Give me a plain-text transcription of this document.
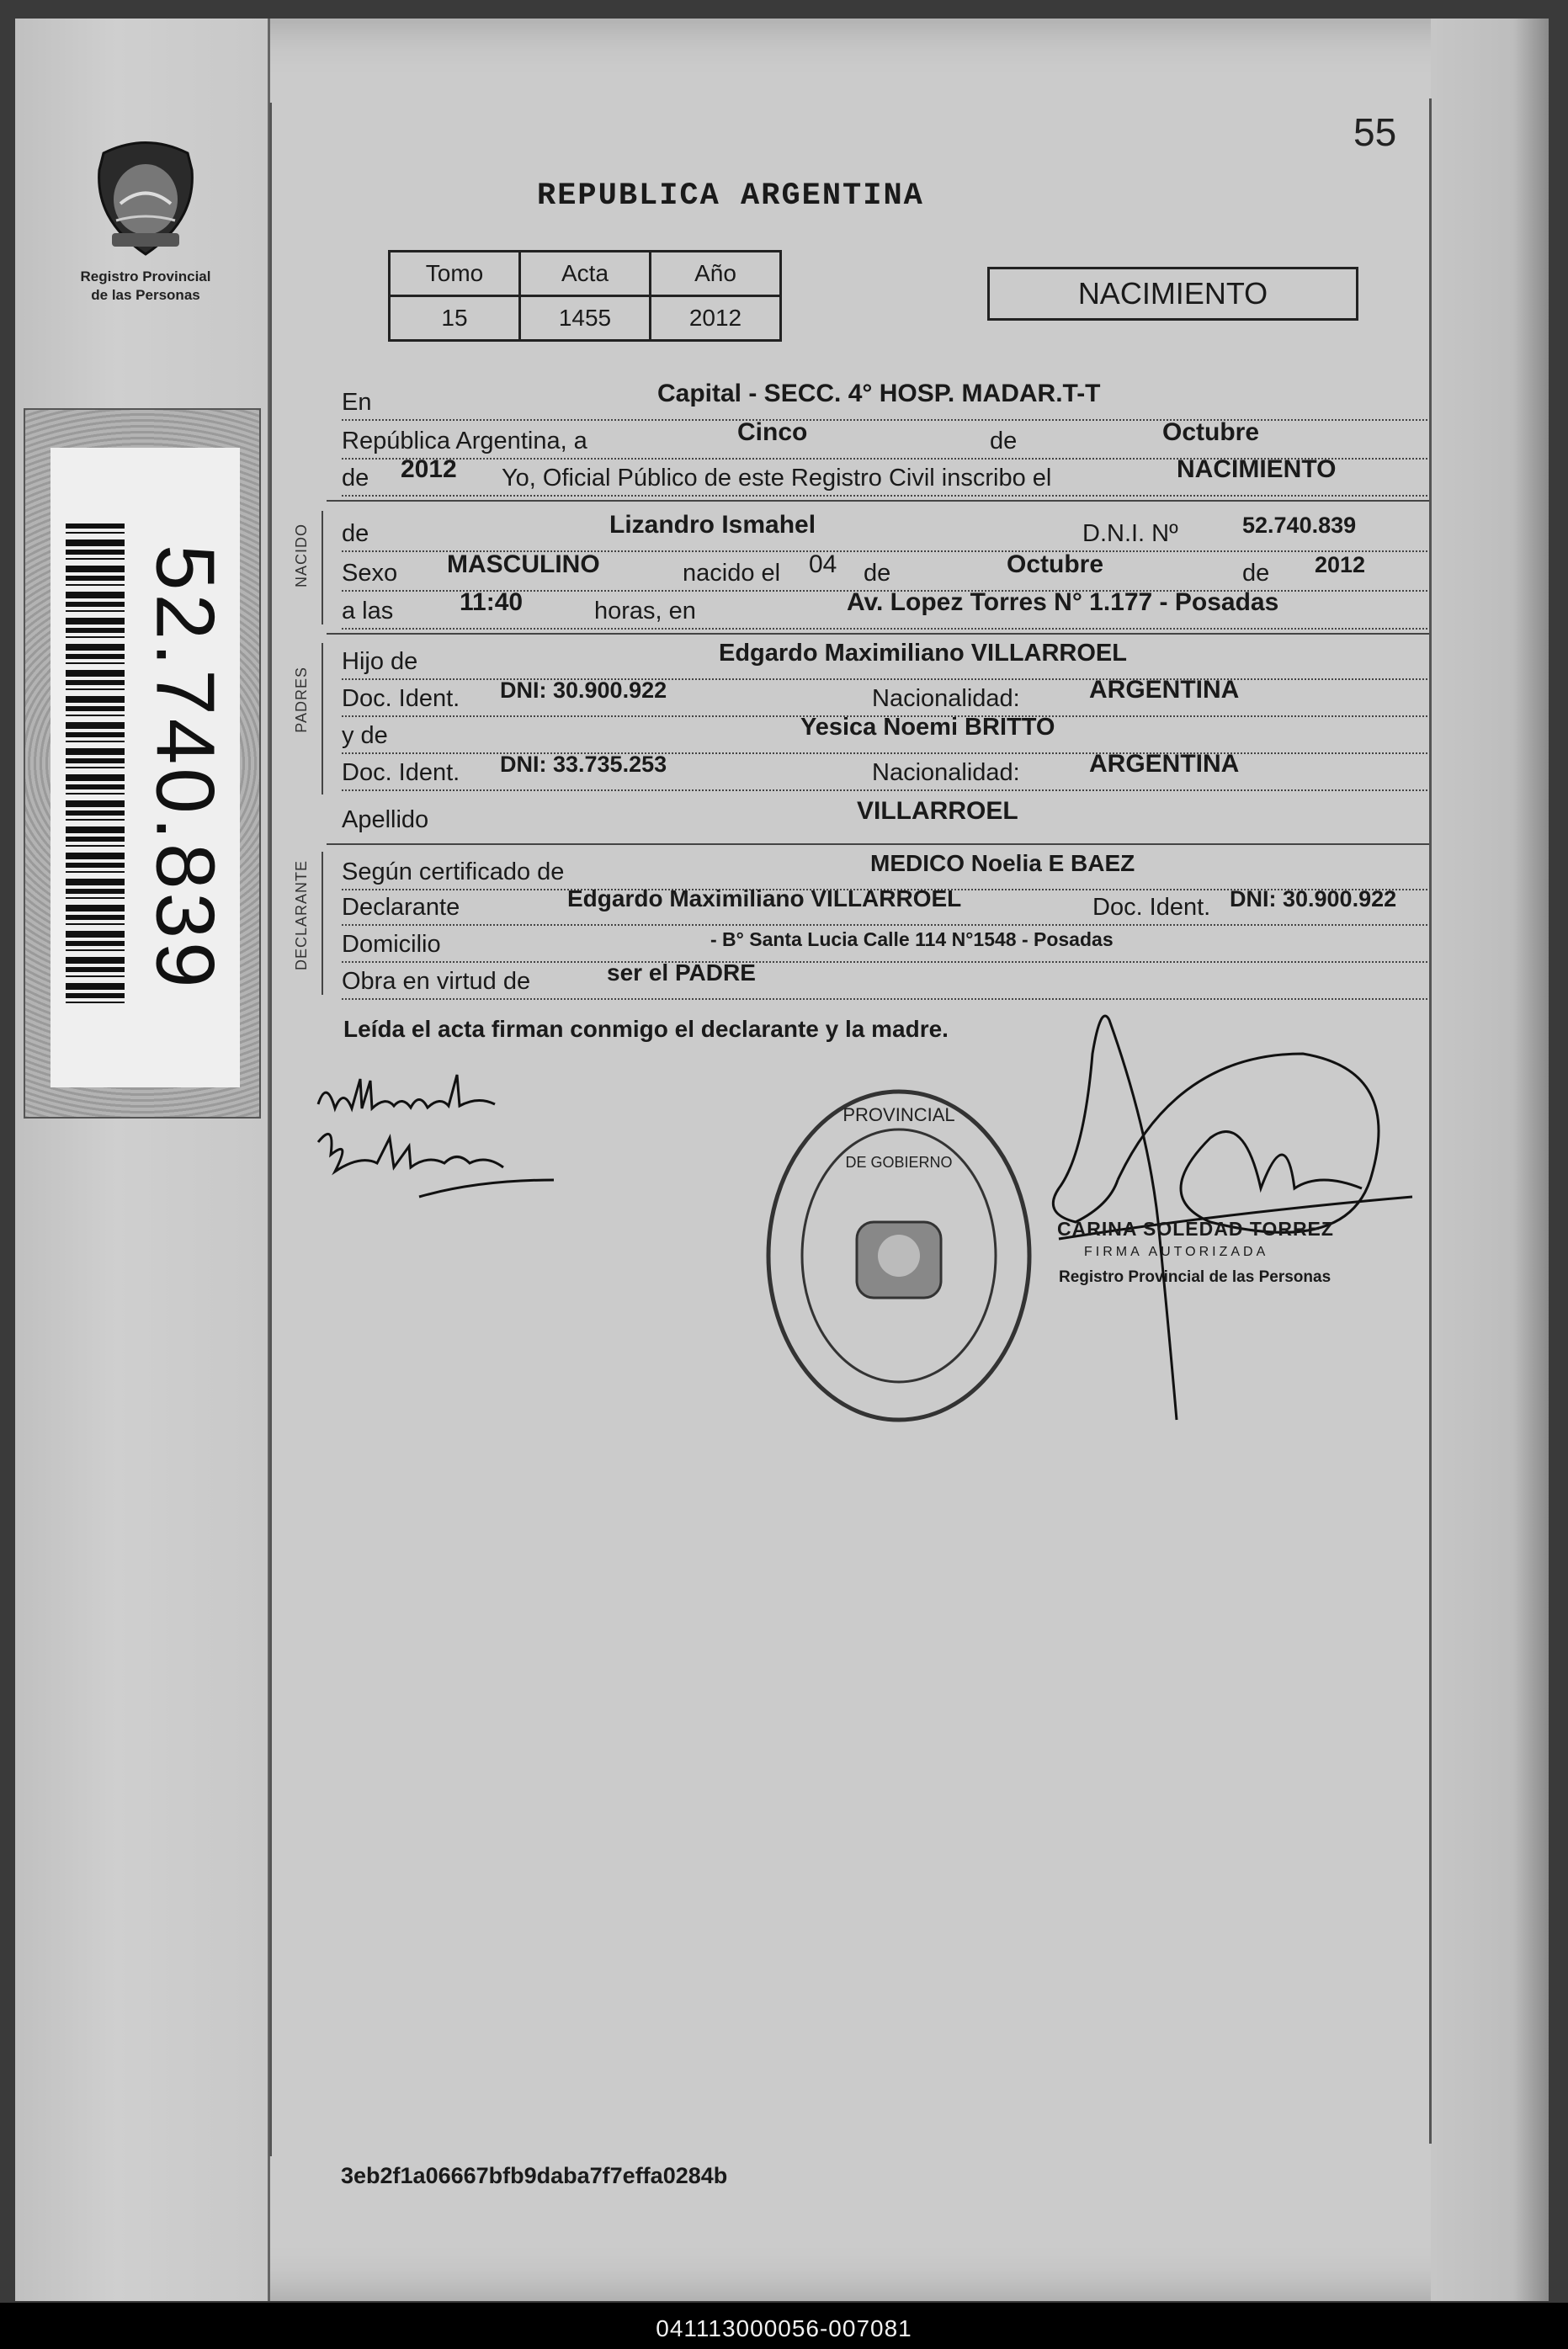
Registro Provincial
de las Personas
52.740.839
55
REPUBLICA ARGENTINA
Tomo	Acta	Año
15	1455	2012
NACIMIENTO
En	Capital - SECC. 4° HOSP. MADAR.T-T
República Argentina, a	Cinco	de	Octubre
de 2012 Yo, Oficial Público de este Registro Civil inscribo el	NACIMIENTO
NACIDO de	Lizandro Ismahel	D.N.I. Nº	52.740.839
Sexo MASCULINO	nacido el 04 de	Octubre	de 2012
a las	11:40	horas, en	Av. Lopez Torres N° 1.177 - Posadas
PADRES
Hijo de	Edgardo Maximiliano VILLARROEL
Doc. Ident. DNI: 30.900.922	Nacionalidad:	ARGENTINA
y de	Yesica Noemi BRITTO
Doc. Ident. DNI: 33.735.253	Nacionalidad:	ARGENTINA
Apellido	VILLARROEL
DECLARANTE Según certificado de	MEDICO Noelia E BAEZ
Declarante	Edgardo Maximiliano VILLARROEL	Doc. Ident. DNI: 30.900.922
Domicilio	- B° Santa Lucia Calle 114 N°1548 - Posadas
Obra en virtud de	ser el PADRE
Leída el acta firman conmigo el declarante y la madre.
PROVINCIAL
DE GOBIERNO
CARINA SOLEDAD TORREZ
FIRMA AUTORIZADA
Registro Provincial de las Personas
3eb2f1a06667bfb9daba7f7effa0284b
041113000056-007081
